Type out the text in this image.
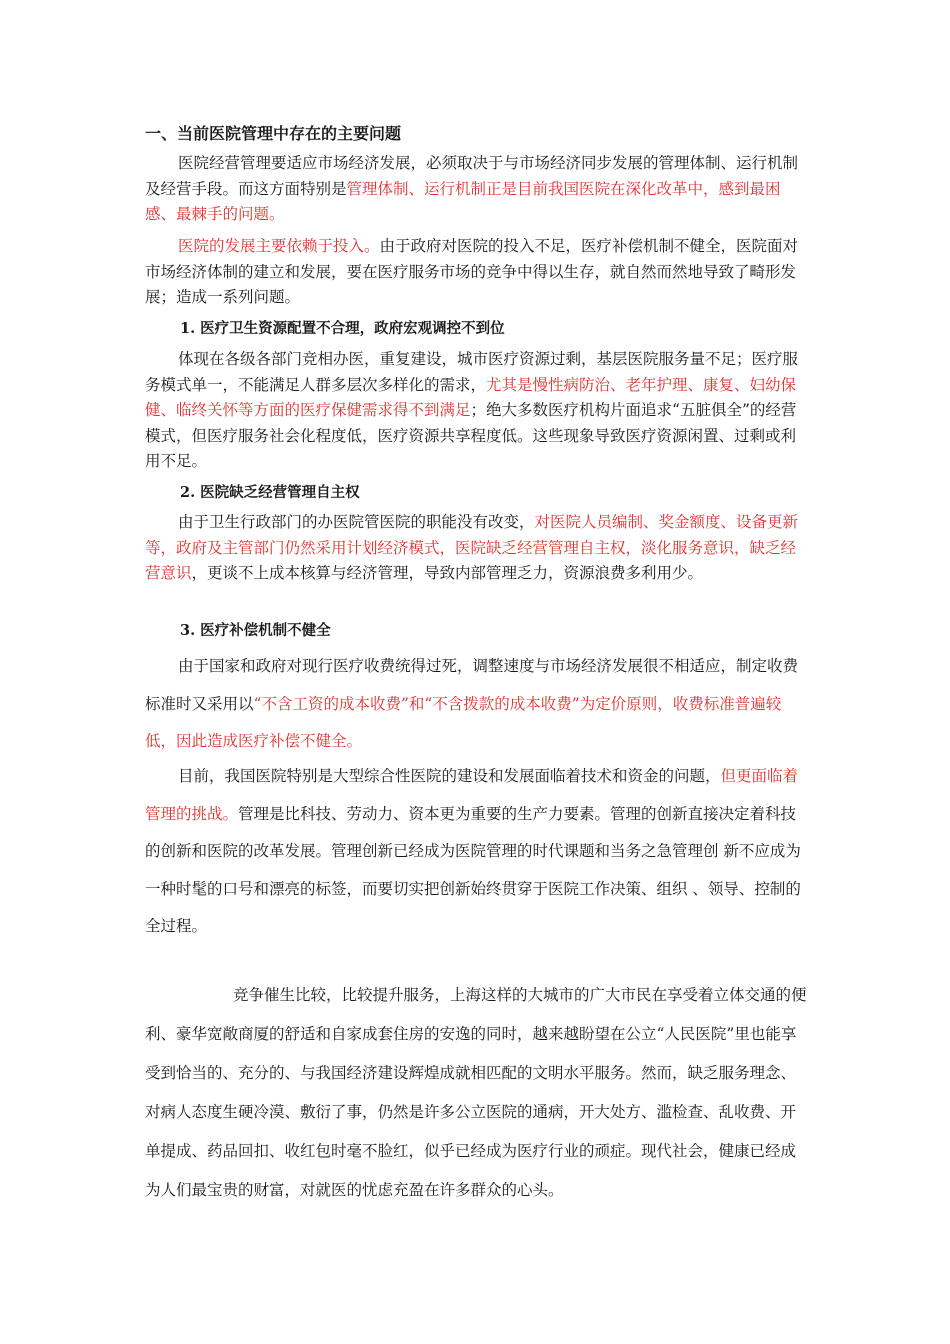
一、当前医院管理中存在的主要问题

医院经营管理要适应市场经济发展，必须取决于与市场经济同步发展的管理体制、运行机制及经营手段。而这方面特别是管理体制、运行机制正是目前我国医院在深化改革中，感到最困感、最棘手的问题。

医院的发展主要依赖于投入。由于政府对医院的投入不足，医疗补偿机制不健全，医院面对市场经济体制的建立和发展，要在医疗服务市场的竞争中得以生存，就自然而然地导致了畸形发展；造成一系列问题。

1. 医疗卫生资源配置不合理，政府宏观调控不到位

体现在各级各部门竞相办医，重复建设，城市医疗资源过剩，基层医院服务量不足；医疗服务模式单一，不能满足人群多层次多样化的需求，尤其是慢性病防治、老年护理、康复、妇幼保健、临终关怀等方面的医疗保健需求得不到满足；绝大多数医疗机构片面追求“五脏俱全”的经营模式，但医疗服务社会化程度低，医疗资源共享程度低。这些现象导致医疗资源闲置、过剩或利用不足。

2. 医院缺乏经营管理自主权

由于卫生行政部门的办医院管医院的职能没有改变，对医院人员编制、奖金额度、设备更新等，政府及主管部门仍然采用计划经济模式，医院缺乏经营管理自主权，淡化服务意识，缺乏经营意识，更谈不上成本核算与经济管理，导致内部管理乏力，资源浪费多利用少。

3. 医疗补偿机制不健全

由于国家和政府对现行医疗收费统得过死，调整速度与市场经济发展很不相适应，制定收费标准时又采用以“不含工资的成本收费”和“不含拨款的成本收费”为定价原则，收费标准普遍较低，因此造成医疗补偿不健全。

目前，我国医院特别是大型综合性医院的建设和发展面临着技术和资金的问题，但更面临着 管理的挑战。管理是比科技、劳动力、资本更为重要的生产力要素。管理的创新直接决定着科技的创新和医院的改革发展。管理创新已经成为医院管理的时代课题和当务之急管理创 新不应成为一种时髦的口号和漂亮的标签，而要切实把创新始终贯穿于医院工作决策、组织 、领导、控制的全过程。

竞争催生比较，比较提升服务，上海这样的大城市的广大市民在享受着立体交通的便利、豪华宽敞商厦的舒适和自家成套住房的安逸的同时，越来越盼望在公立“人民医院”里也能享受到恰当的、充分的、与我国经济建设辉煌成就相匹配的文明水平服务。然而，缺乏服务理念、对病人态度生硬冷漠、敷衍了事，仍然是许多公立医院的通病，开大处方、滥检查、乱收费、开单提成、药品回扣、收红包时毫不脸红，似乎已经成为医疗行业的顽症。现代社会，健康已经成为人们最宝贵的财富，对就医的忧虑充盈在许多群众的心头。
